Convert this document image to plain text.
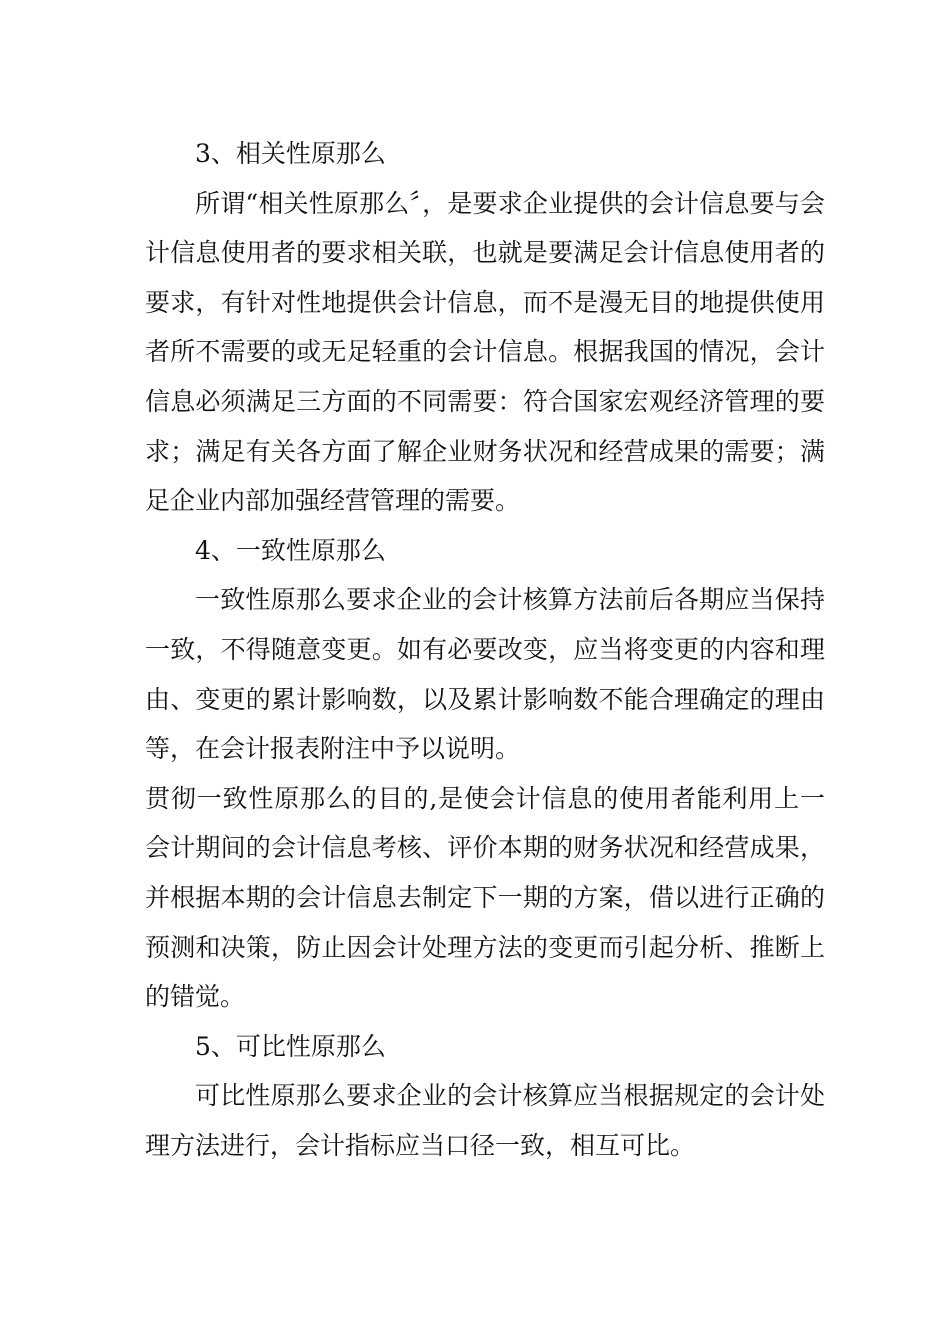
3、相关性原那么

所谓“相关性原那么〞，是要求企业提供的会计信息要与会计信息使用者的要求相关联，也就是要满足会计信息使用者的要求，有针对性地提供会计信息，而不是漫无目的地提供使用者所不需要的或无足轻重的会计信息。根据我国的情况，会计信息必须满足三方面的不同需要：符合国家宏观经济管理的要求；满足有关各方面了解企业财务状况和经营成果的需要；满足企业内部加强经营管理的需要。

4、一致性原那么

一致性原那么要求企业的会计核算方法前后各期应当保持一致，不得随意变更。如有必要改变，应当将变更的内容和理由、变更的累计影响数，以及累计影响数不能合理确定的理由等，在会计报表附注中予以说明。

贯彻一致性原那么的目的,是使会计信息的使用者能利用上一会计期间的会计信息考核、评价本期的财务状况和经营成果，并根据本期的会计信息去制定下一期的方案，借以进行正确的预测和决策，防止因会计处理方法的变更而引起分析、推断上的错觉。

5、可比性原那么

可比性原那么要求企业的会计核算应当根据规定的会计处理方法进行，会计指标应当口径一致，相互可比。
